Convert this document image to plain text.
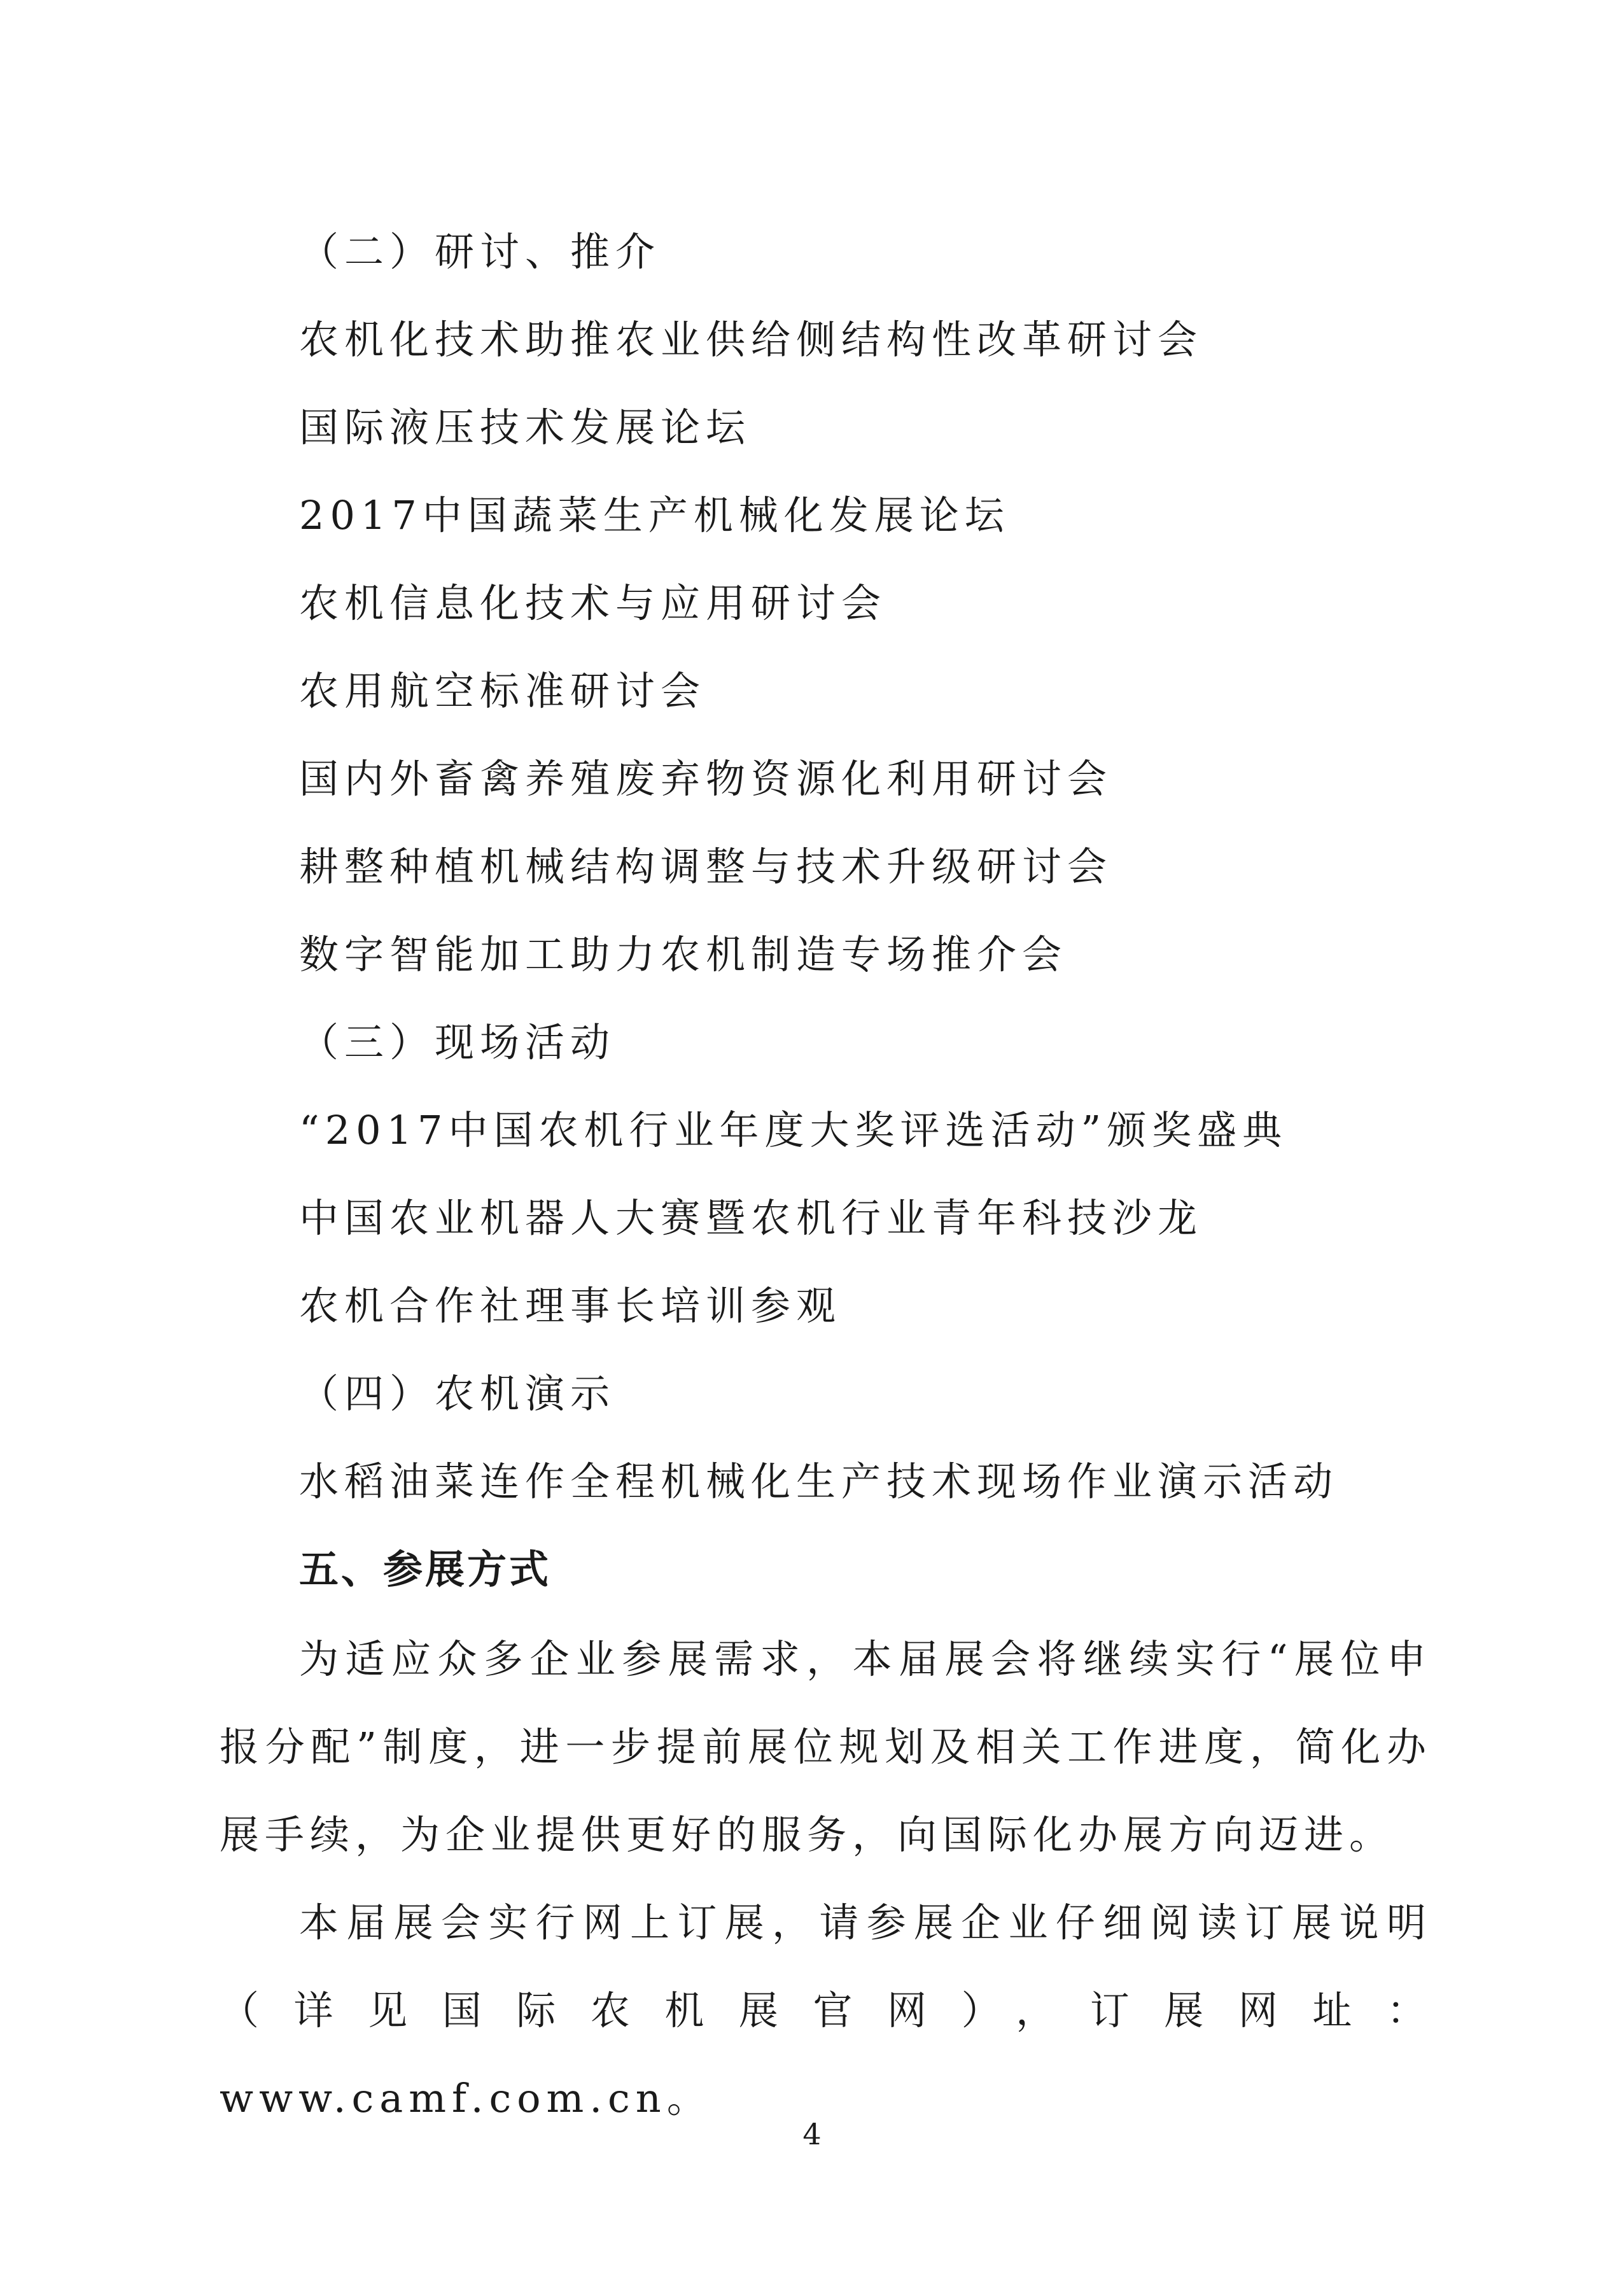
（二）研讨、推介

农机化技术助推农业供给侧结构性改革研讨会

国际液压技术发展论坛

2017中国蔬菜生产机械化发展论坛

农机信息化技术与应用研讨会

农用航空标准研讨会

国内外畜禽养殖废弃物资源化利用研讨会

耕整种植机械结构调整与技术升级研讨会

数字智能加工助力农机制造专场推介会

（三）现场活动

“2017中国农机行业年度大奖评选活动”颁奖盛典

中国农业机器人大赛暨农机行业青年科技沙龙

农机合作社理事长培训参观

（四）农机演示

水稻油菜连作全程机械化生产技术现场作业演示活动

五、参展方式

为适应众多企业参展需求，本届展会将继续实行“展位申报分配”制度，进一步提前展位规划及相关工作进度，简化办展手续，为企业提供更好的服务，向国际化办展方向迈进。

本届展会实行网上订展，请参展企业仔细阅读订展说明（详见国际农机展官网），订展网址：www.camf.com.cn。

4
